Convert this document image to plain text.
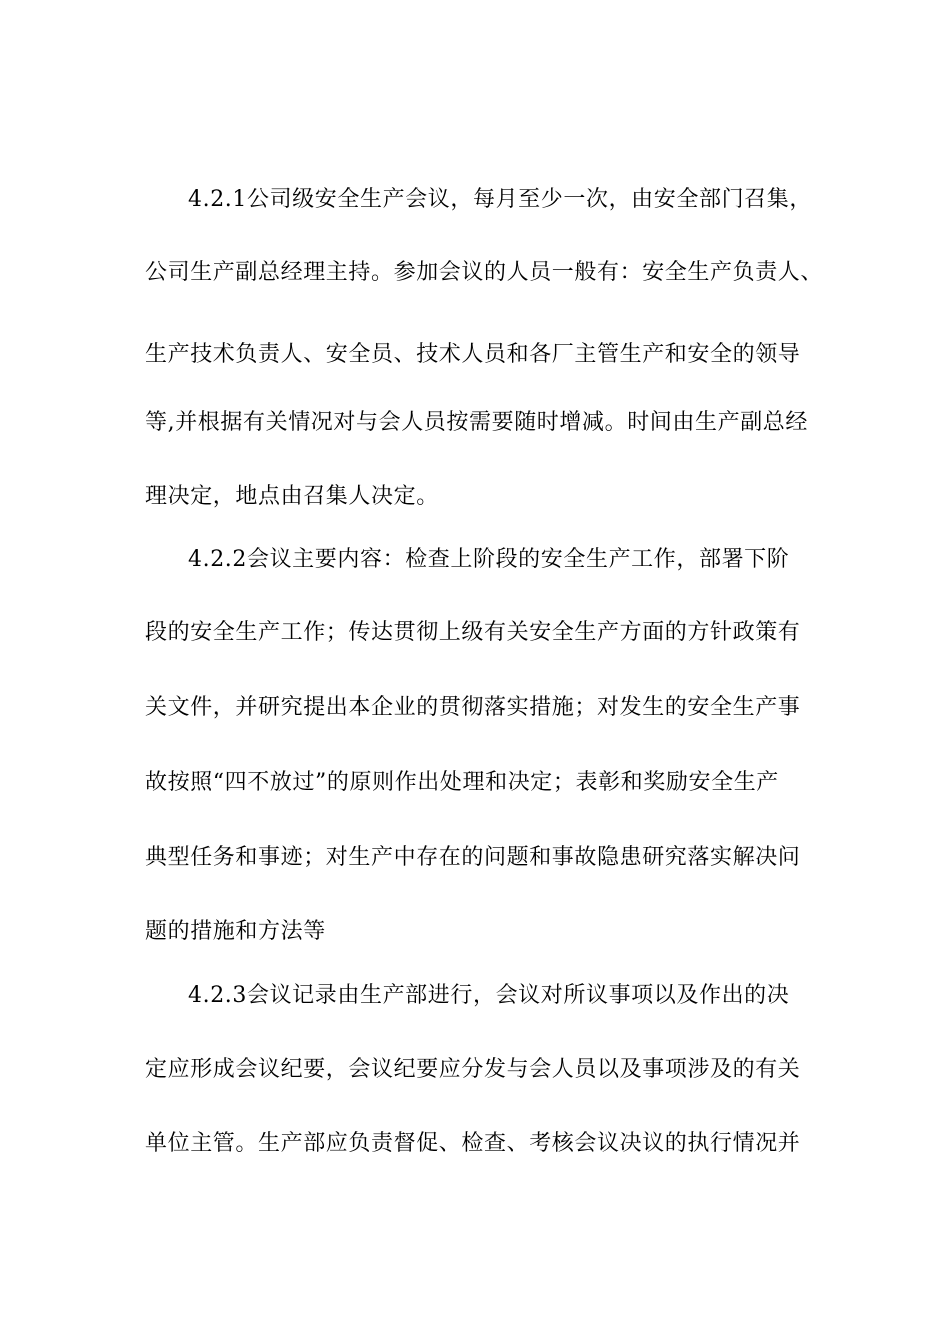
4.2.1公司级安全生产会议，每月至少一次，由安全部门召集，
公司生产副总经理主持。参加会议的人员一般有：安全生产负责人、
生产技术负责人、安全员、技术人员和各厂主管生产和安全的领导
等,并根据有关情况对与会人员按需要随时增减。时间由生产副总经
理决定，地点由召集人决定。
4.2.2会议主要内容：检查上阶段的安全生产工作，部署下阶
段的安全生产工作；传达贯彻上级有关安全生产方面的方针政策有
关文件，并研究提出本企业的贯彻落实措施；对发生的安全生产事
故按照“四不放过”的原则作出处理和决定；表彰和奖励安全生产
典型任务和事迹；对生产中存在的问题和事故隐患研究落实解决问
题的措施和方法等
4.2.3会议记录由生产部进行，会议对所议事项以及作出的决
定应形成会议纪要，会议纪要应分发与会人员以及事项涉及的有关
单位主管。生产部应负责督促、检查、考核会议决议的执行情况并
